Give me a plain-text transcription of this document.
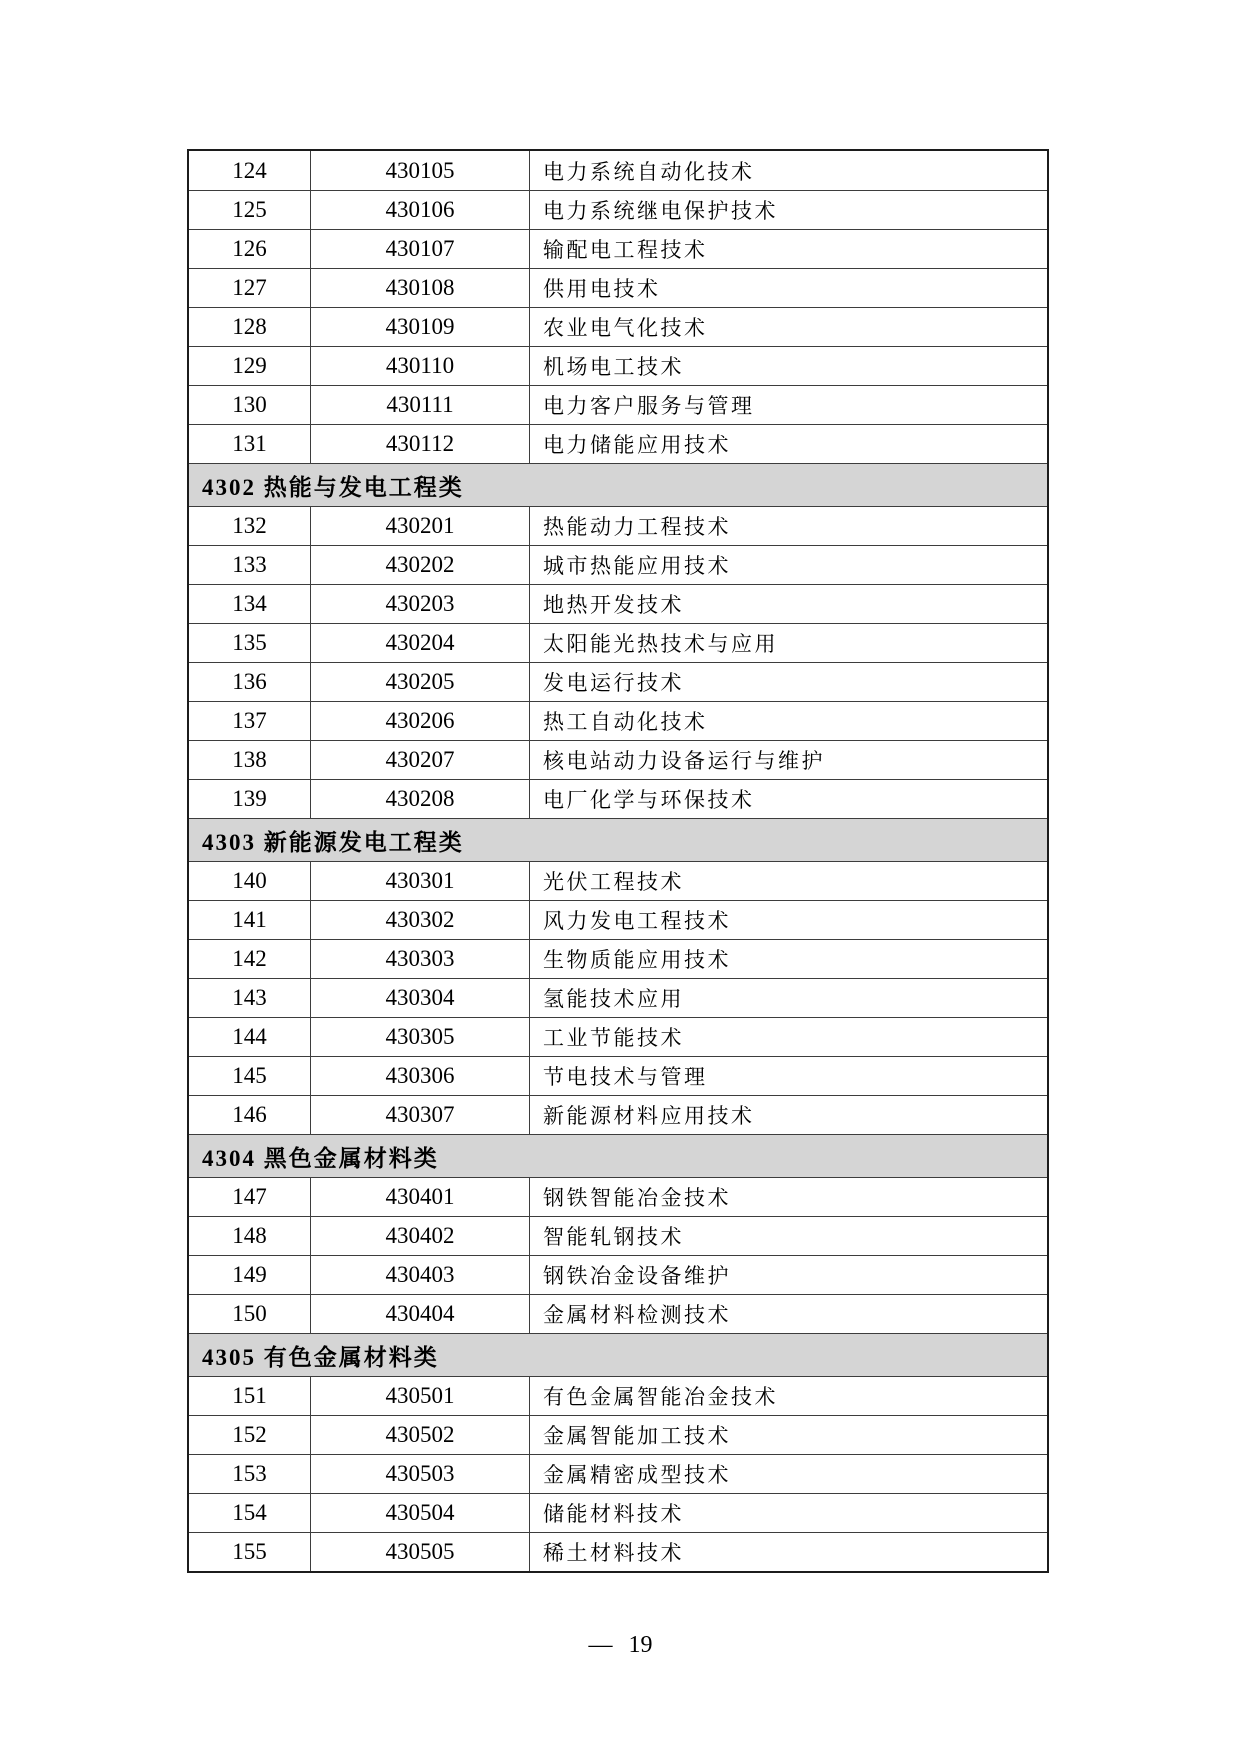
124	430105	电力系统自动化技术
125	430106	电力系统继电保护技术
126	430107	输配电工程技术
127	430108	供用电技术
128	430109	农业电气化技术
129	430110	机场电工技术
130	430111	电力客户服务与管理
131	430112	电力储能应用技术
4302 热能与发电工程类
132	430201	热能动力工程技术
133	430202	城市热能应用技术
134	430203	地热开发技术
135	430204	太阳能光热技术与应用
136	430205	发电运行技术
137	430206	热工自动化技术
138	430207	核电站动力设备运行与维护
139	430208	电厂化学与环保技术
4303 新能源发电工程类
140	430301	光伏工程技术
141	430302	风力发电工程技术
142	430303	生物质能应用技术
143	430304	氢能技术应用
144	430305	工业节能技术
145	430306	节电技术与管理
146	430307	新能源材料应用技术
4304 黑色金属材料类
147	430401	钢铁智能冶金技术
148	430402	智能轧钢技术
149	430403	钢铁冶金设备维护
150	430404	金属材料检测技术
4305 有色金属材料类
151	430501	有色金属智能冶金技术
152	430502	金属智能加工技术
153	430503	金属精密成型技术
154	430504	储能材料技术
155	430505	稀土材料技术
— 19
